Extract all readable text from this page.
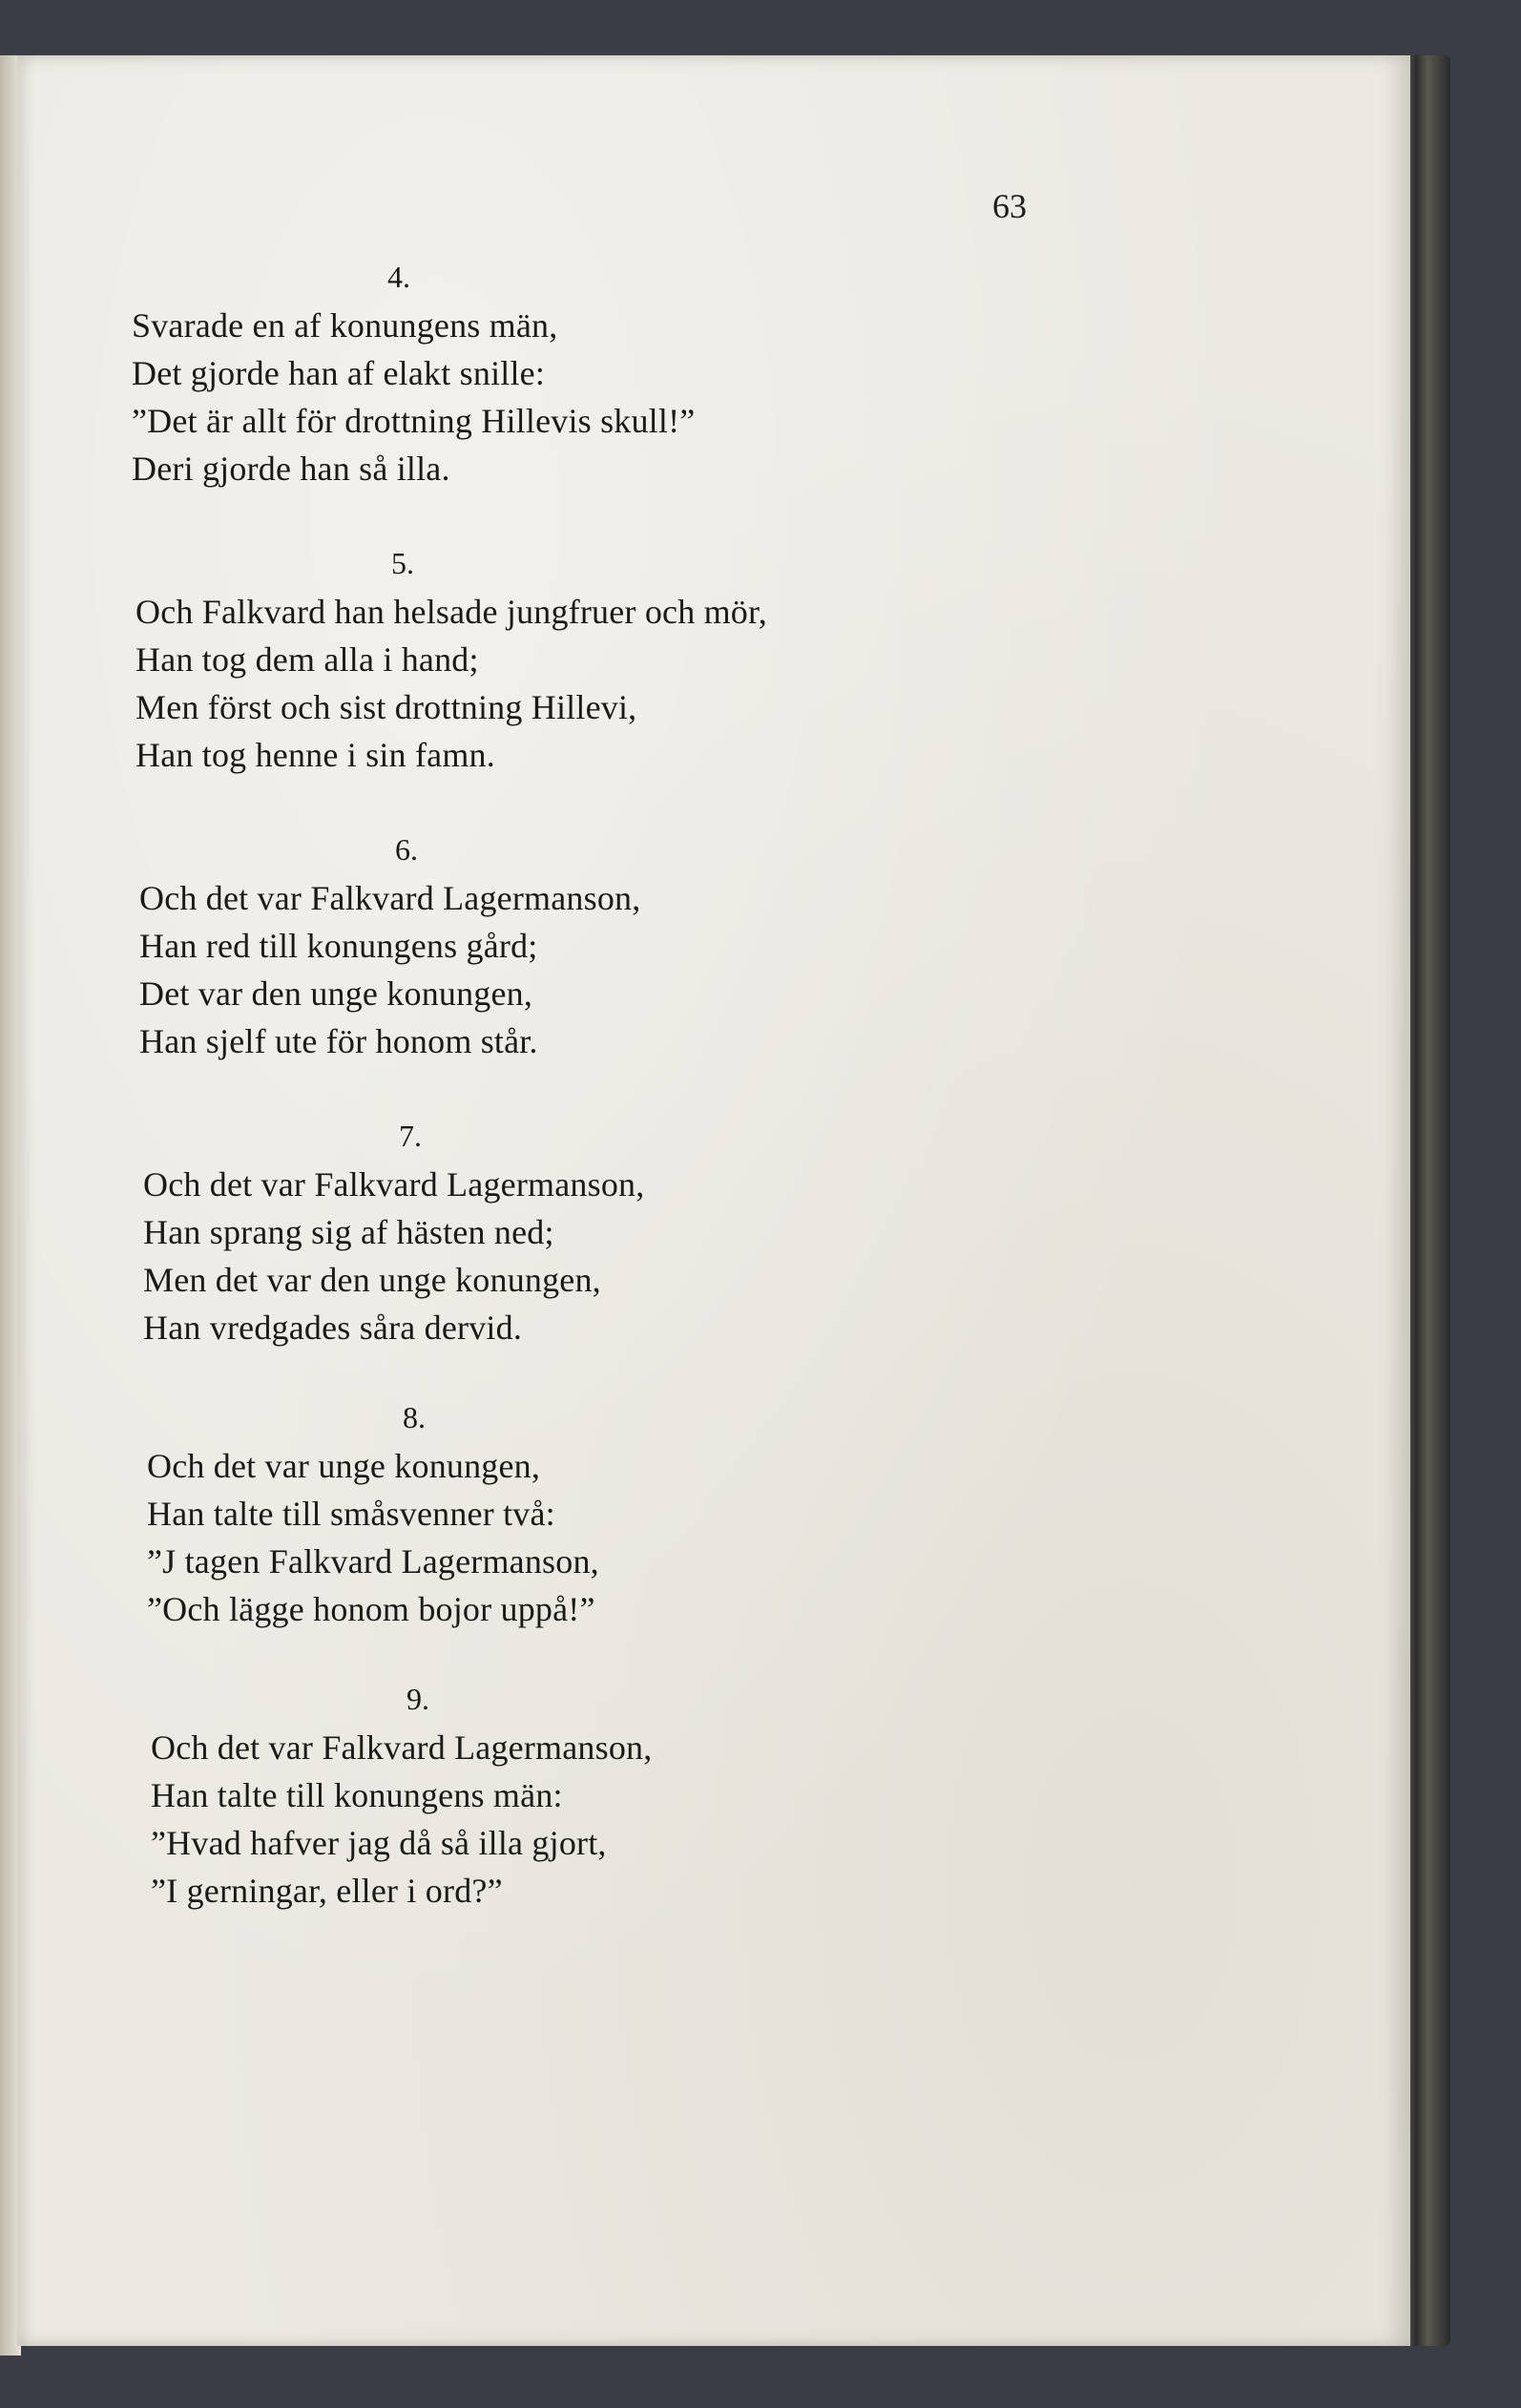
63
4.
Svarade en af konungens män,
Det gjorde han af elakt snille:
”Det är allt för drottning Hillevis skull!”
Deri gjorde han så illa.
5.
Och Falkvard han helsade jungfruer och mör,
Han tog dem alla i hand;
Men först och sist drottning Hillevi,
Han tog henne i sin famn.
6.
Och det var Falkvard Lagermanson,
Han red till konungens gård;
Det var den unge konungen,
Han sjelf ute för honom står.
7.
Och det var Falkvard Lagermanson,
Han sprang sig af hästen ned;
Men det var den unge konungen,
Han vredgades såra dervid.
8.
Och det var unge konungen,
Han talte till småsvenner två:
”J tagen Falkvard Lagermanson,
”Och lägge honom bojor uppå!”
9.
Och det var Falkvard Lagermanson,
Han talte till konungens män:
”Hvad hafver jag då så illa gjort,
”I gerningar, eller i ord?”
